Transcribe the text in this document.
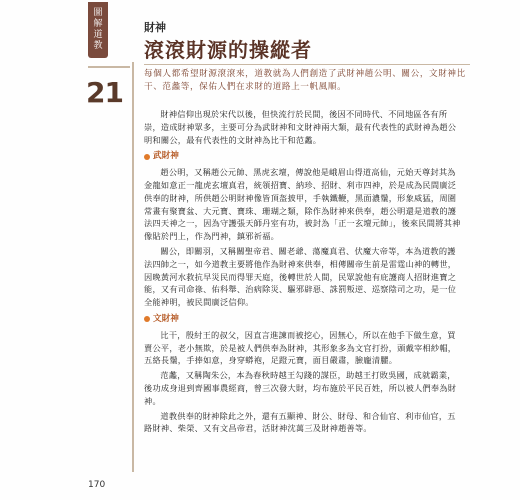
圖
解
道
教
21
財神
滾滾財源的操縱者
每個人都希望財源滾滾來，道教就為人們創造了武財神趙公明、關公，文財神比干、范蠡等，保佑人們在求財的道路上一帆風順。

財神信仰出現於宋代以後，但快流行於民間，後因不同時代、不同地區各有所崇，造成財神眾多，主要可分為武財神和文財神兩大類，最有代表性的武財神為趙公明和關公，最有代表性的文財神為比干和范蠡。

武財神

趙公明，又稱趙公元帥、黑虎玄壇，傳說他是峨眉山得道高仙，元始天尊封其為金龍如意正一龍虎玄壇真君，統領招寶、納珍、招財、利市四神，於是成為民間廣泛供奉的財神，所供趙公明財神像皆頂盔披甲，手執鐵鞭，黑面濃鬚，形象威猛，周圍常畫有聚寶盆、大元寶、寶珠、珊瑚之類，除作為財神來供奉，趙公明還是道教的護法四天神之一，因為守護張天師丹室有功，被封為「正一玄壇元帥」，後來民間將其神像貼於門上，作為門神，鎮邪祈福。

關公，即關羽，又稱關聖帝君、關老爺、蕩魔真君、伏魔大帝等，本為道教的護法四帥之一，如今道教主要將他作為財神來供奉，相傳關帝生前是雷霆山神的轉世，因晚黃河水救抗早災民而得罪天庭，後轉世於人間，民眾說他有庇護商人招財進寶之能，又有司命祿、佑科舉、治病除災、驅邪辟惡、誅罰叛逆、巡察陰司之功，是一位全能神明，被民間廣泛信仰。

文財神

比干，殷紂王的叔父，因直言進諫而被挖心，因無心，所以在他手下做生意，買賣公平，老小無欺，於是被人們供奉為財神，其形象多為文官打扮，頭戴宰相紗帽，五絡長鬚，手捧如意，身穿蟒袍，足蹬元寶，面目嚴肅，臉龐清臞。

范蠡，又稱陶朱公，本為春秋時越王勾踐的謀臣，助越王打敗吳國，成就霸業，後功成身退到齊國事農經商，曾三次發大財，均布施於平民百姓，所以被人們奉為財神。

道教供奉的財神除此之外，還有五顯神、財公、財母、和合仙官、利市仙官，五路財神、柴榮、又有文昌帝君，活財神沈萬三及財神趙善等。

170
